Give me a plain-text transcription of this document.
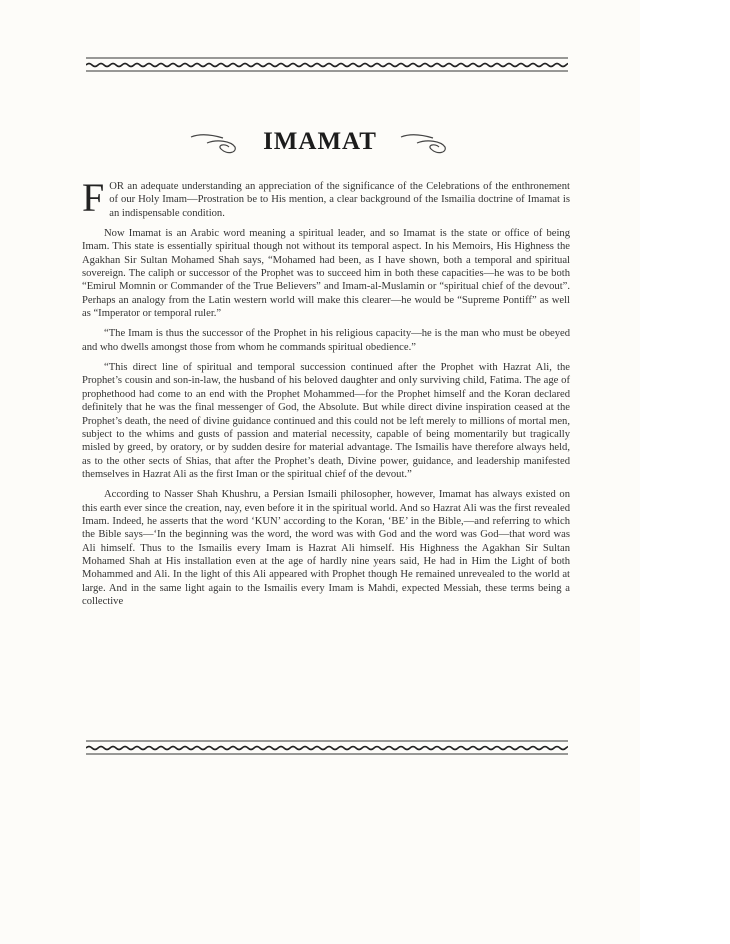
IMAMAT

FOR an adequate understanding an appreciation of the significance of the Celebrations of the enthronement of our Holy Imam—Prostration be to His mention, a clear background of the Ismailia doctrine of Imamat is an indispensable condition.

Now Imamat is an Arabic word meaning a spiritual leader, and so Imamat is the state or office of being Imam. This state is essentially spiritual though not without its temporal aspect. In his Memoirs, His Highness the Agakhan Sir Sultan Mohamed Shah says, “Mohamed had been, as I have shown, both a temporal and spiritual sovereign. The caliph or successor of the Prophet was to succeed him in both these capacities—he was to be both “Emirul Momnin or Commander of the True Believers” and Imam-al-Muslamin or “spiritual chief of the devout”. Perhaps an analogy from the Latin western world will make this clearer—he would be “Supreme Pontiff” as well as “Imperator or temporal ruler.”

“The Imam is thus the successor of the Prophet in his religious capacity—he is the man who must be obeyed and who dwells amongst those from whom he commands spiritual obedience.”

“This direct line of spiritual and temporal succession continued after the Prophet with Hazrat Ali, the Prophet’s cousin and son-in-law, the husband of his beloved daughter and only surviving child, Fatima. The age of prophethood had come to an end with the Prophet Mohammed—for the Prophet himself and the Koran declared definitely that he was the final messenger of God, the Absolute. But while direct divine inspiration ceased at the Prophet’s death, the need of divine guidance continued and this could not be left merely to millions of mortal men, subject to the whims and gusts of passion and material necessity, capable of being momentarily but tragically misled by greed, by oratory, or by sudden desire for material advantage. The Ismailis have therefore always held, as to the other sects of Shias, that after the Prophet’s death, Divine power, guidance, and leadership manifested themselves in Hazrat Ali as the first Iman or the spiritual chief of the devout.”

According to Nasser Shah Khushru, a Persian Ismaili philosopher, however, Imamat has always existed on this earth ever since the creation, nay, even before it in the spiritual world. And so Hazrat Ali was the first revealed Imam. Indeed, he asserts that the word ‘KUN’ according to the Koran, ‘BE’ in the Bible,—and referring to which the Bible says—‘In the beginning was the word, the word was with God and the word was God—that word was Ali himself. Thus to the Ismailis every Imam is Hazrat Ali himself. His Highness the Agakhan Sir Sultan Mohamed Shah at His installation even at the age of hardly nine years said, He had in Him the Light of both Mohammed and Ali. In the light of this Ali appeared with Prophet though He remained unrevealed to the world at large. And in the same light again to the Ismailis every Imam is Mahdi, expected Messiah, these terms being a collective
